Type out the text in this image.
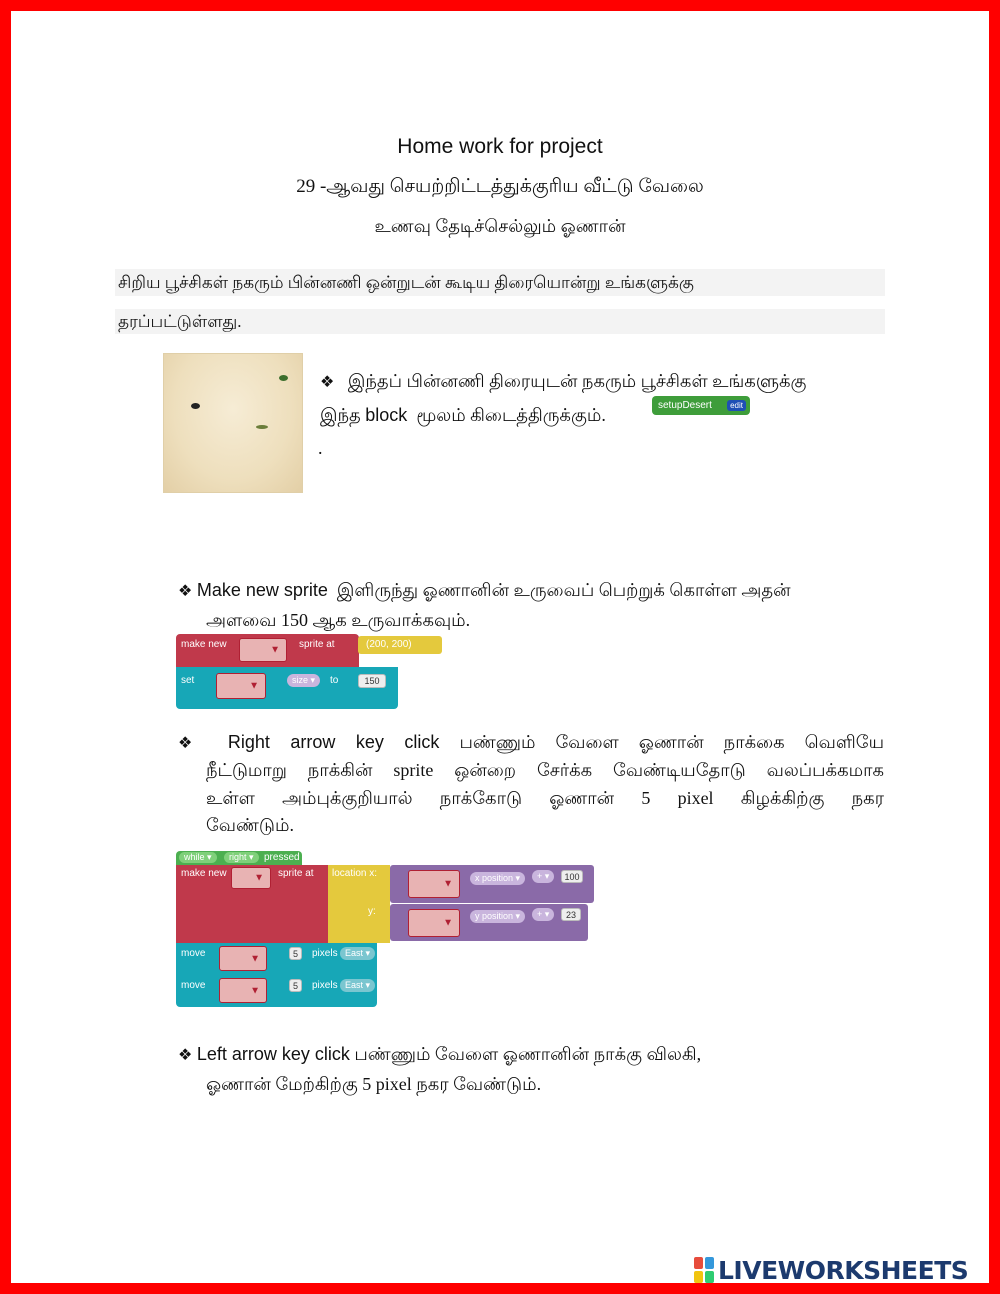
Home work for project
29 -ஆவது செயற்றிட்டத்துக்குரிய வீட்டு வேலை
உணவு தேடிச்செல்லும் ஓணான்
சிறிய பூச்சிகள் நகரும் பின்னணி ஒன்றுடன் கூடிய திரையொன்று உங்களுக்கு
தரப்பட்டுள்ளது.
❖ இந்தப் பின்னணி திரையுடன் நகரும் பூச்சிகள் உங்களுக்கு
இந்த block மூலம் கிடைத்திருக்கும்.	setupDesert	edit
.
❖ Make new sprite இளிருந்து ஓணானின் உருவைப் பெற்றுக் கொள்ள அதன்
அளவை 150 ஆக உருவாக்கவும்.
make new	▼ sprite at	(200, 200)
set	▼
size ▾	to	150
❖ Right arrow key click பண்ணும் வேளை ஓணான் நாக்கை வெளியே
நீட்டுமாறு நாக்கின் sprite ஒன்றை சேர்க்க வேண்டியதோடு வலப்பக்கமாக
உள்ள அம்புக்குறியால் நாக்கோடு ஓணான் 5 pixel கிழக்கிற்கு நகர
வேண்டும்.
while ▾	right ▾	pressed
make new	▼ sprite at location x:
y:
▼
x position ▾	+ ▾	100
▼
y position ▾	+ ▾	23
move	▼	5	pixels East ▾
move	▼	5	pixels East ▾
❖ Left arrow key click பண்ணும் வேளை ஓணானின் நாக்கு விலகி,
ஓணான் மேற்கிற்கு 5 pixel நகர வேண்டும்.
LIVEWORKSHEETS
